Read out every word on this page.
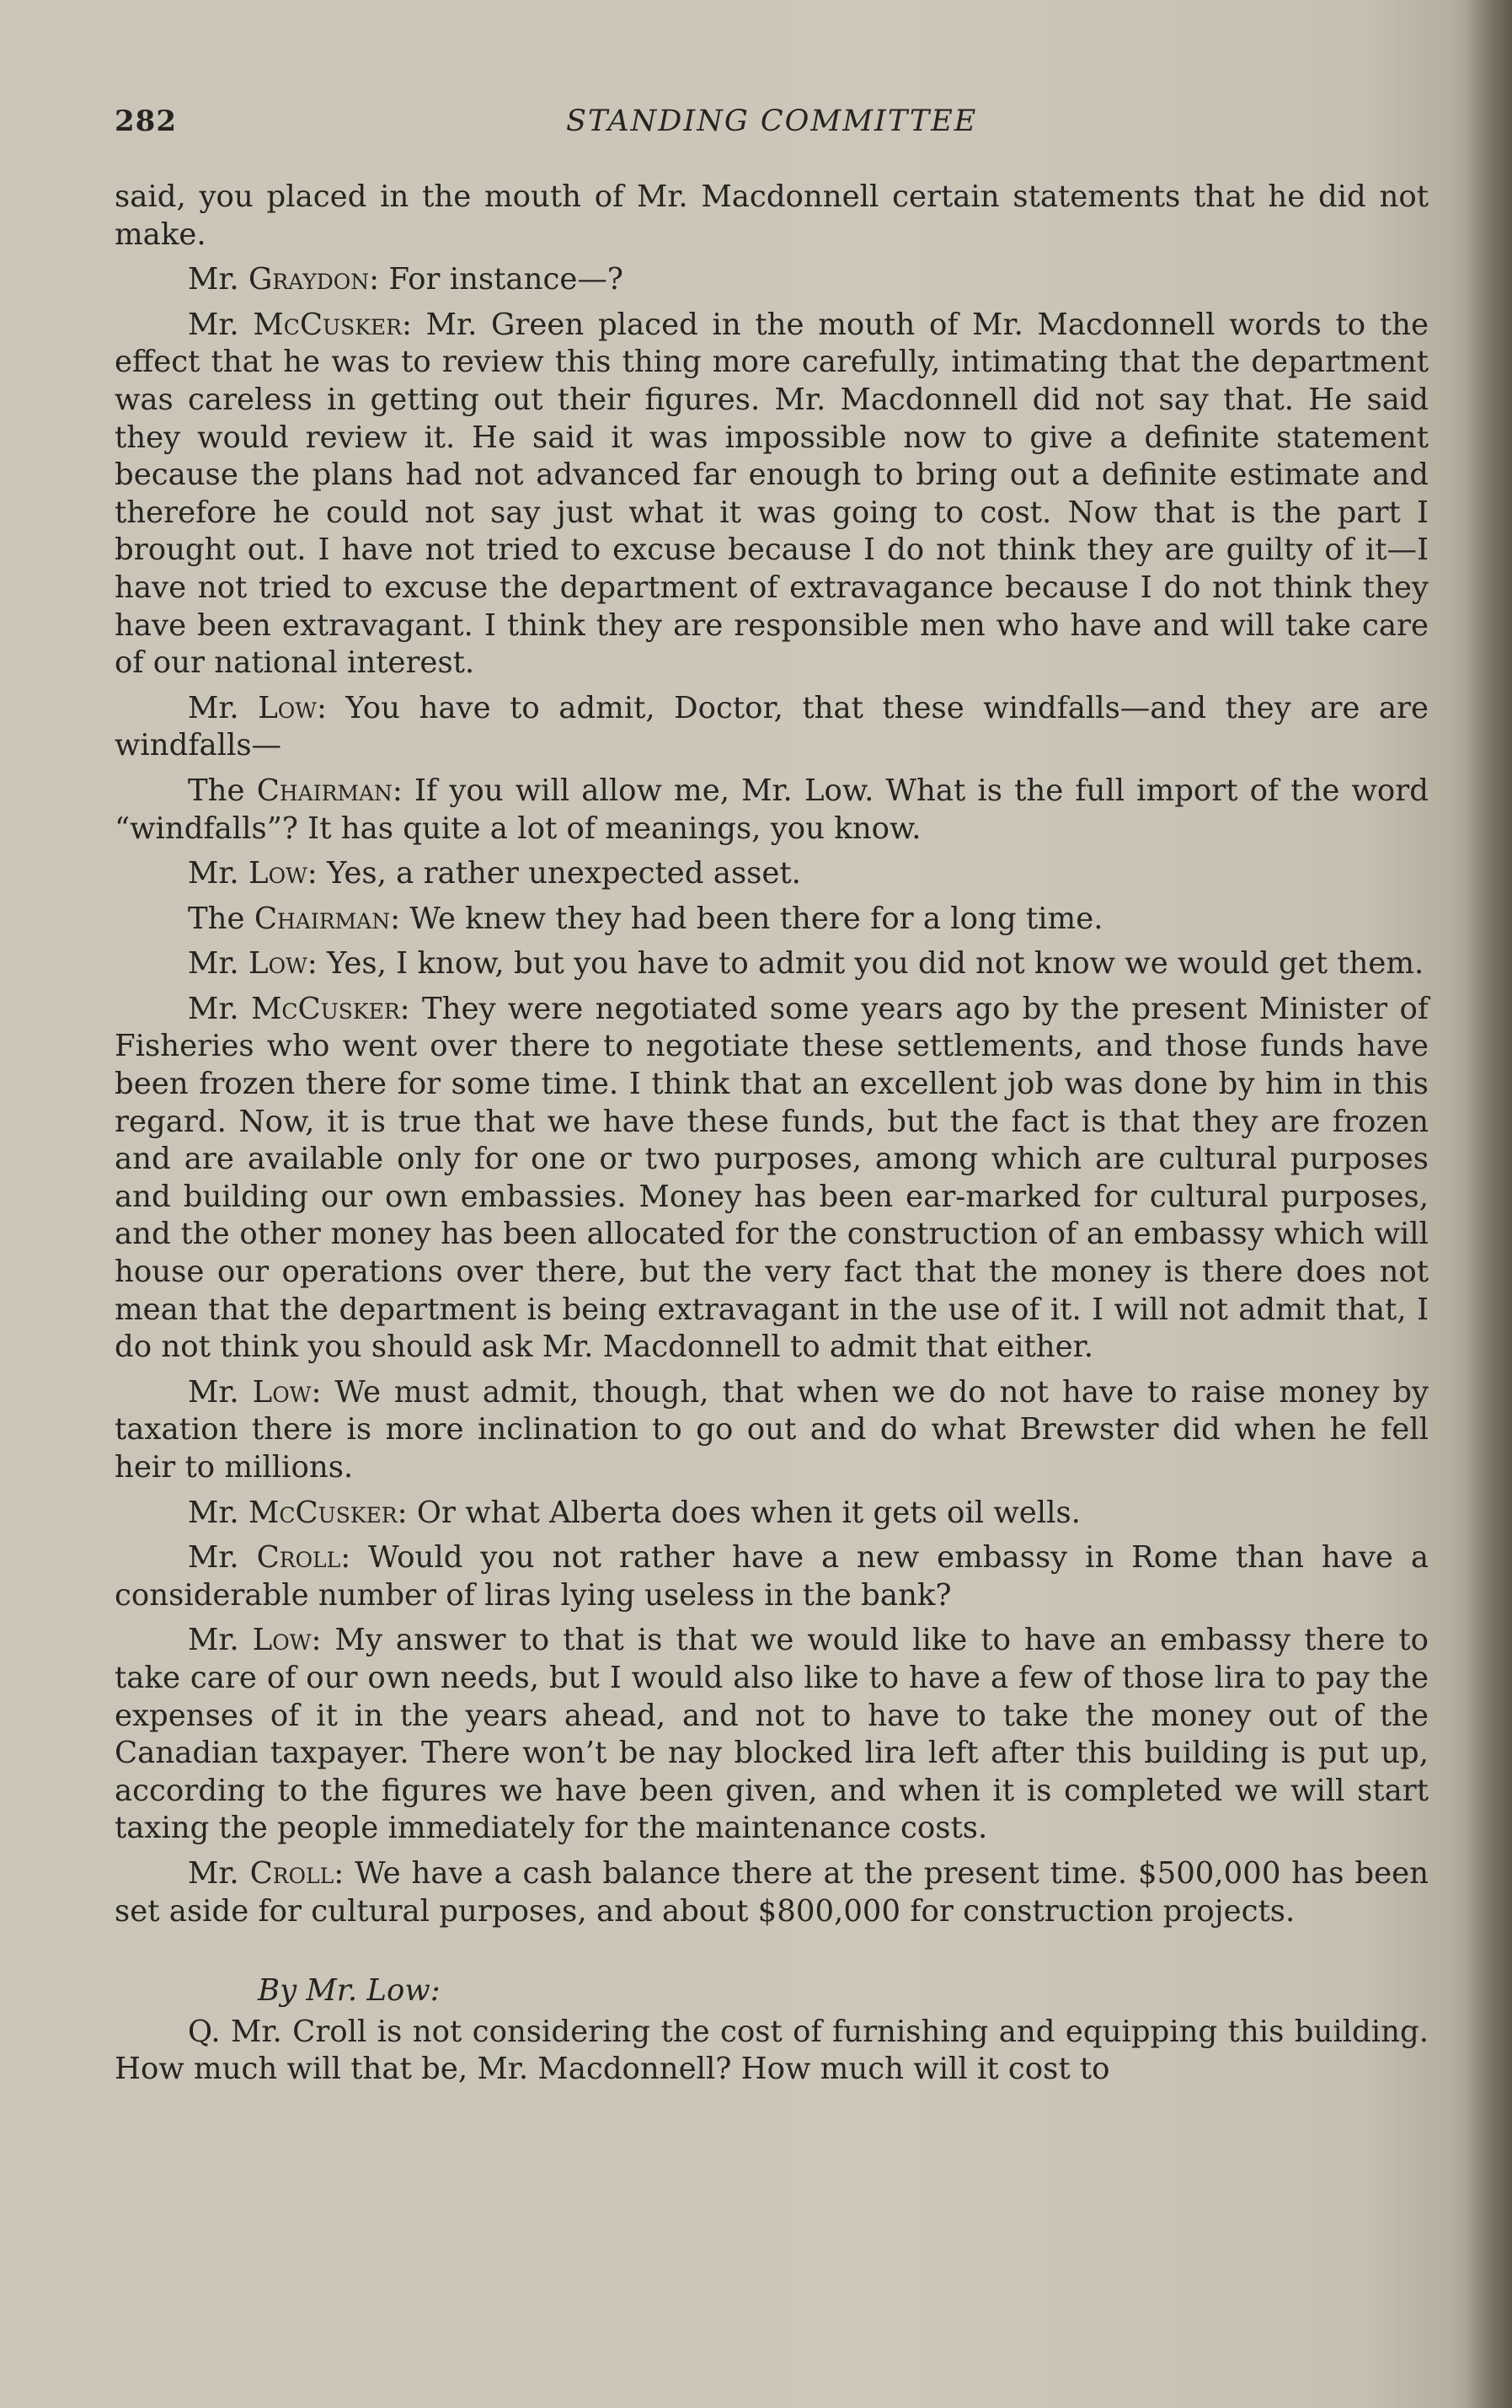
282	STANDING COMMITTEE

said, you placed in the mouth of Mr. Macdonnell certain statements that he did not make.

Mr. Graydon: For instance—?

Mr. McCusker: Mr. Green placed in the mouth of Mr. Macdonnell words to the effect that he was to review this thing more carefully, intimating that the department was careless in getting out their figures. Mr. Macdonnell did not say that. He said they would review it. He said it was impossible now to give a definite statement because the plans had not advanced far enough to bring out a definite estimate and therefore he could not say just what it was going to cost. Now that is the part I brought out. I have not tried to excuse because I do not think they are guilty of it—I have not tried to excuse the department of extravagance because I do not think they have been extravagant. I think they are responsible men who have and will take care of our national interest.

Mr. Low: You have to admit, Doctor, that these windfalls—and they are are windfalls—

The Chairman: If you will allow me, Mr. Low. What is the full import of the word “windfalls”? It has quite a lot of meanings, you know.

Mr. Low: Yes, a rather unexpected asset.

The Chairman: We knew they had been there for a long time.

Mr. Low: Yes, I know, but you have to admit you did not know we would get them.

Mr. McCusker: They were negotiated some years ago by the present Minister of Fisheries who went over there to negotiate these settlements, and those funds have been frozen there for some time. I think that an excellent job was done by him in this regard. Now, it is true that we have these funds, but the fact is that they are frozen and are available only for one or two purposes, among which are cultural purposes and building our own embassies. Money has been ear-marked for cultural purposes, and the other money has been allocated for the construction of an embassy which will house our operations over there, but the very fact that the money is there does not mean that the department is being extravagant in the use of it. I will not admit that, I do not think you should ask Mr. Macdonnell to admit that either.

Mr. Low: We must admit, though, that when we do not have to raise money by taxation there is more inclination to go out and do what Brewster did when he fell heir to millions.

Mr. McCusker: Or what Alberta does when it gets oil wells.

Mr. Croll: Would you not rather have a new embassy in Rome than have a considerable number of liras lying useless in the bank?

Mr. Low: My answer to that is that we would like to have an embassy there to take care of our own needs, but I would also like to have a few of those lira to pay the expenses of it in the years ahead, and not to have to take the money out of the Canadian taxpayer. There won’t be nay blocked lira left after this building is put up, according to the figures we have been given, and when it is completed we will start taxing the people immediately for the maintenance costs.

Mr. Croll: We have a cash balance there at the present time. $500,000 has been set aside for cultural purposes, and about $800,000 for construction projects.

By Mr. Low:

Q. Mr. Croll is not considering the cost of furnishing and equipping this building. How much will that be, Mr. Macdonnell? How much will it cost to
